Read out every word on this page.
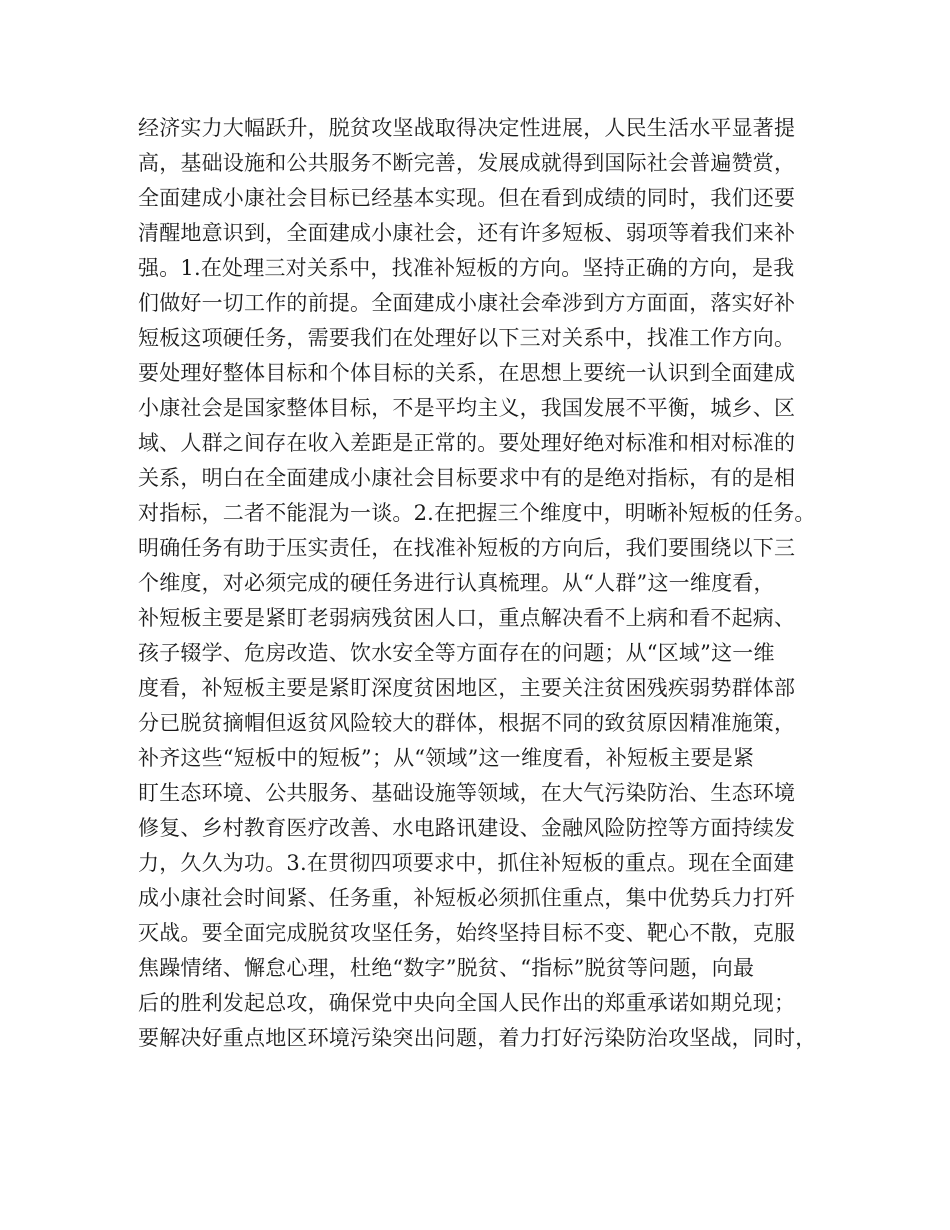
经济实力大幅跃升，脱贫攻坚战取得决定性进展，人民生活水平显著提
高，基础设施和公共服务不断完善，发展成就得到国际社会普遍赞赏，
全面建成小康社会目标已经基本实现。但在看到成绩的同时，我们还要
清醒地意识到，全面建成小康社会，还有许多短板、弱项等着我们来补
强。1.在处理三对关系中，找准补短板的方向。坚持正确的方向，是我
们做好一切工作的前提。全面建成小康社会牵涉到方方面面，落实好补
短板这项硬任务，需要我们在处理好以下三对关系中，找准工作方向。
要处理好整体目标和个体目标的关系，在思想上要统一认识到全面建成
小康社会是国家整体目标，不是平均主义，我国发展不平衡，城乡、区
域、人群之间存在收入差距是正常的。要处理好绝对标准和相对标准的
关系，明白在全面建成小康社会目标要求中有的是绝对指标，有的是相
对指标，二者不能混为一谈。2.在把握三个维度中，明晰补短板的任务。
明确任务有助于压实责任，在找准补短板的方向后，我们要围绕以下三
个维度，对必须完成的硬任务进行认真梳理。从“人群”这一维度看，
补短板主要是紧盯老弱病残贫困人口，重点解决看不上病和看不起病、
孩子辍学、危房改造、饮水安全等方面存在的问题；从“区域”这一维
度看，补短板主要是紧盯深度贫困地区，主要关注贫困残疾弱势群体部
分已脱贫摘帽但返贫风险较大的群体，根据不同的致贫原因精准施策，
补齐这些“短板中的短板”；从“领域”这一维度看，补短板主要是紧
盯生态环境、公共服务、基础设施等领域，在大气污染防治、生态环境
修复、乡村教育医疗改善、水电路讯建设、金融风险防控等方面持续发
力，久久为功。3.在贯彻四项要求中，抓住补短板的重点。现在全面建
成小康社会时间紧、任务重，补短板必须抓住重点，集中优势兵力打歼
灭战。要全面完成脱贫攻坚任务，始终坚持目标不变、靶心不散，克服
焦躁情绪、懈怠心理，杜绝“数字”脱贫、“指标”脱贫等问题，向最
后的胜利发起总攻，确保党中央向全国人民作出的郑重承诺如期兑现；
要解决好重点地区环境污染突出问题，着力打好污染防治攻坚战，同时，
